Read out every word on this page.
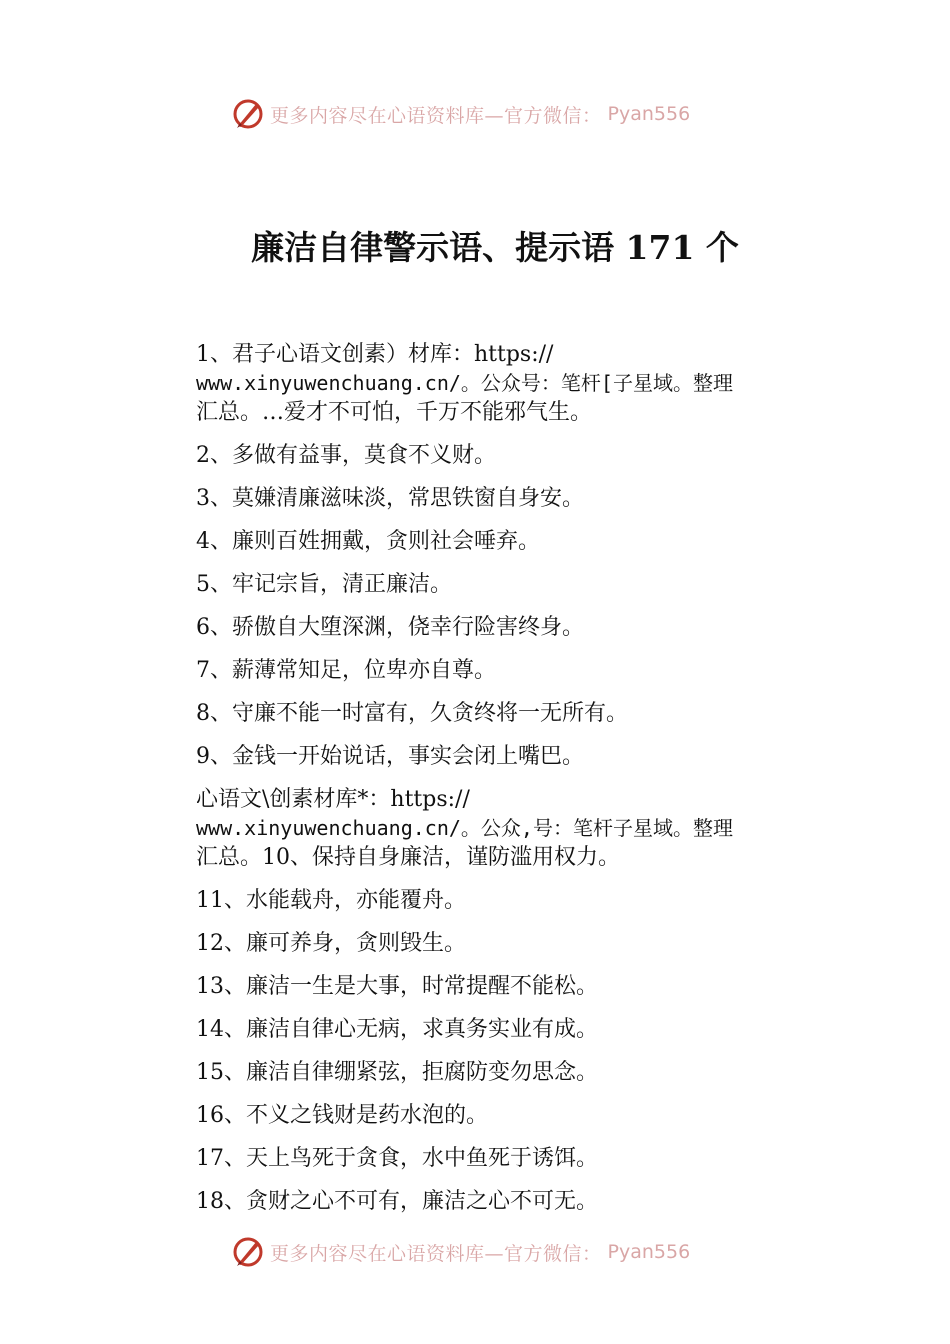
更多内容尽在心语资料库—官方微信： Pyan556
廉洁自律警示语、提示语 171 个
1、君子心语文创素）材库：https://
www.xinyuwenchuang.cn/。公众号：笔杆[子星域。整理
汇总。…爱才不可怕，千万不能邪气生。
2、多做有益事，莫食不义财。
3、莫嫌清廉滋味淡，常思铁窗自身安。
4、廉则百姓拥戴，贪则社会唾弃。
5、牢记宗旨，清正廉洁。
6、骄傲自大堕深渊，侥幸行险害终身。
7、薪薄常知足，位卑亦自尊。
8、守廉不能一时富有，久贪终将一无所有。
9、金钱一开始说话，事实会闭上嘴巴。
心语文\创素材库*：https://
www.xinyuwenchuang.cn/。公众,号：笔杆子星域。整理
汇总。10、保持自身廉洁，谨防滥用权力。
11、水能载舟，亦能覆舟。
12、廉可养身，贪则毁生。
13、廉洁一生是大事，时常提醒不能松。
14、廉洁自律心无病，求真务实业有成。
15、廉洁自律绷紧弦，拒腐防变勿思念。
16、不义之钱财是药水泡的。
17、天上鸟死于贪食，水中鱼死于诱饵。
18、贪财之心不可有，廉洁之心不可无。
更多内容尽在心语资料库—官方微信： Pyan556
